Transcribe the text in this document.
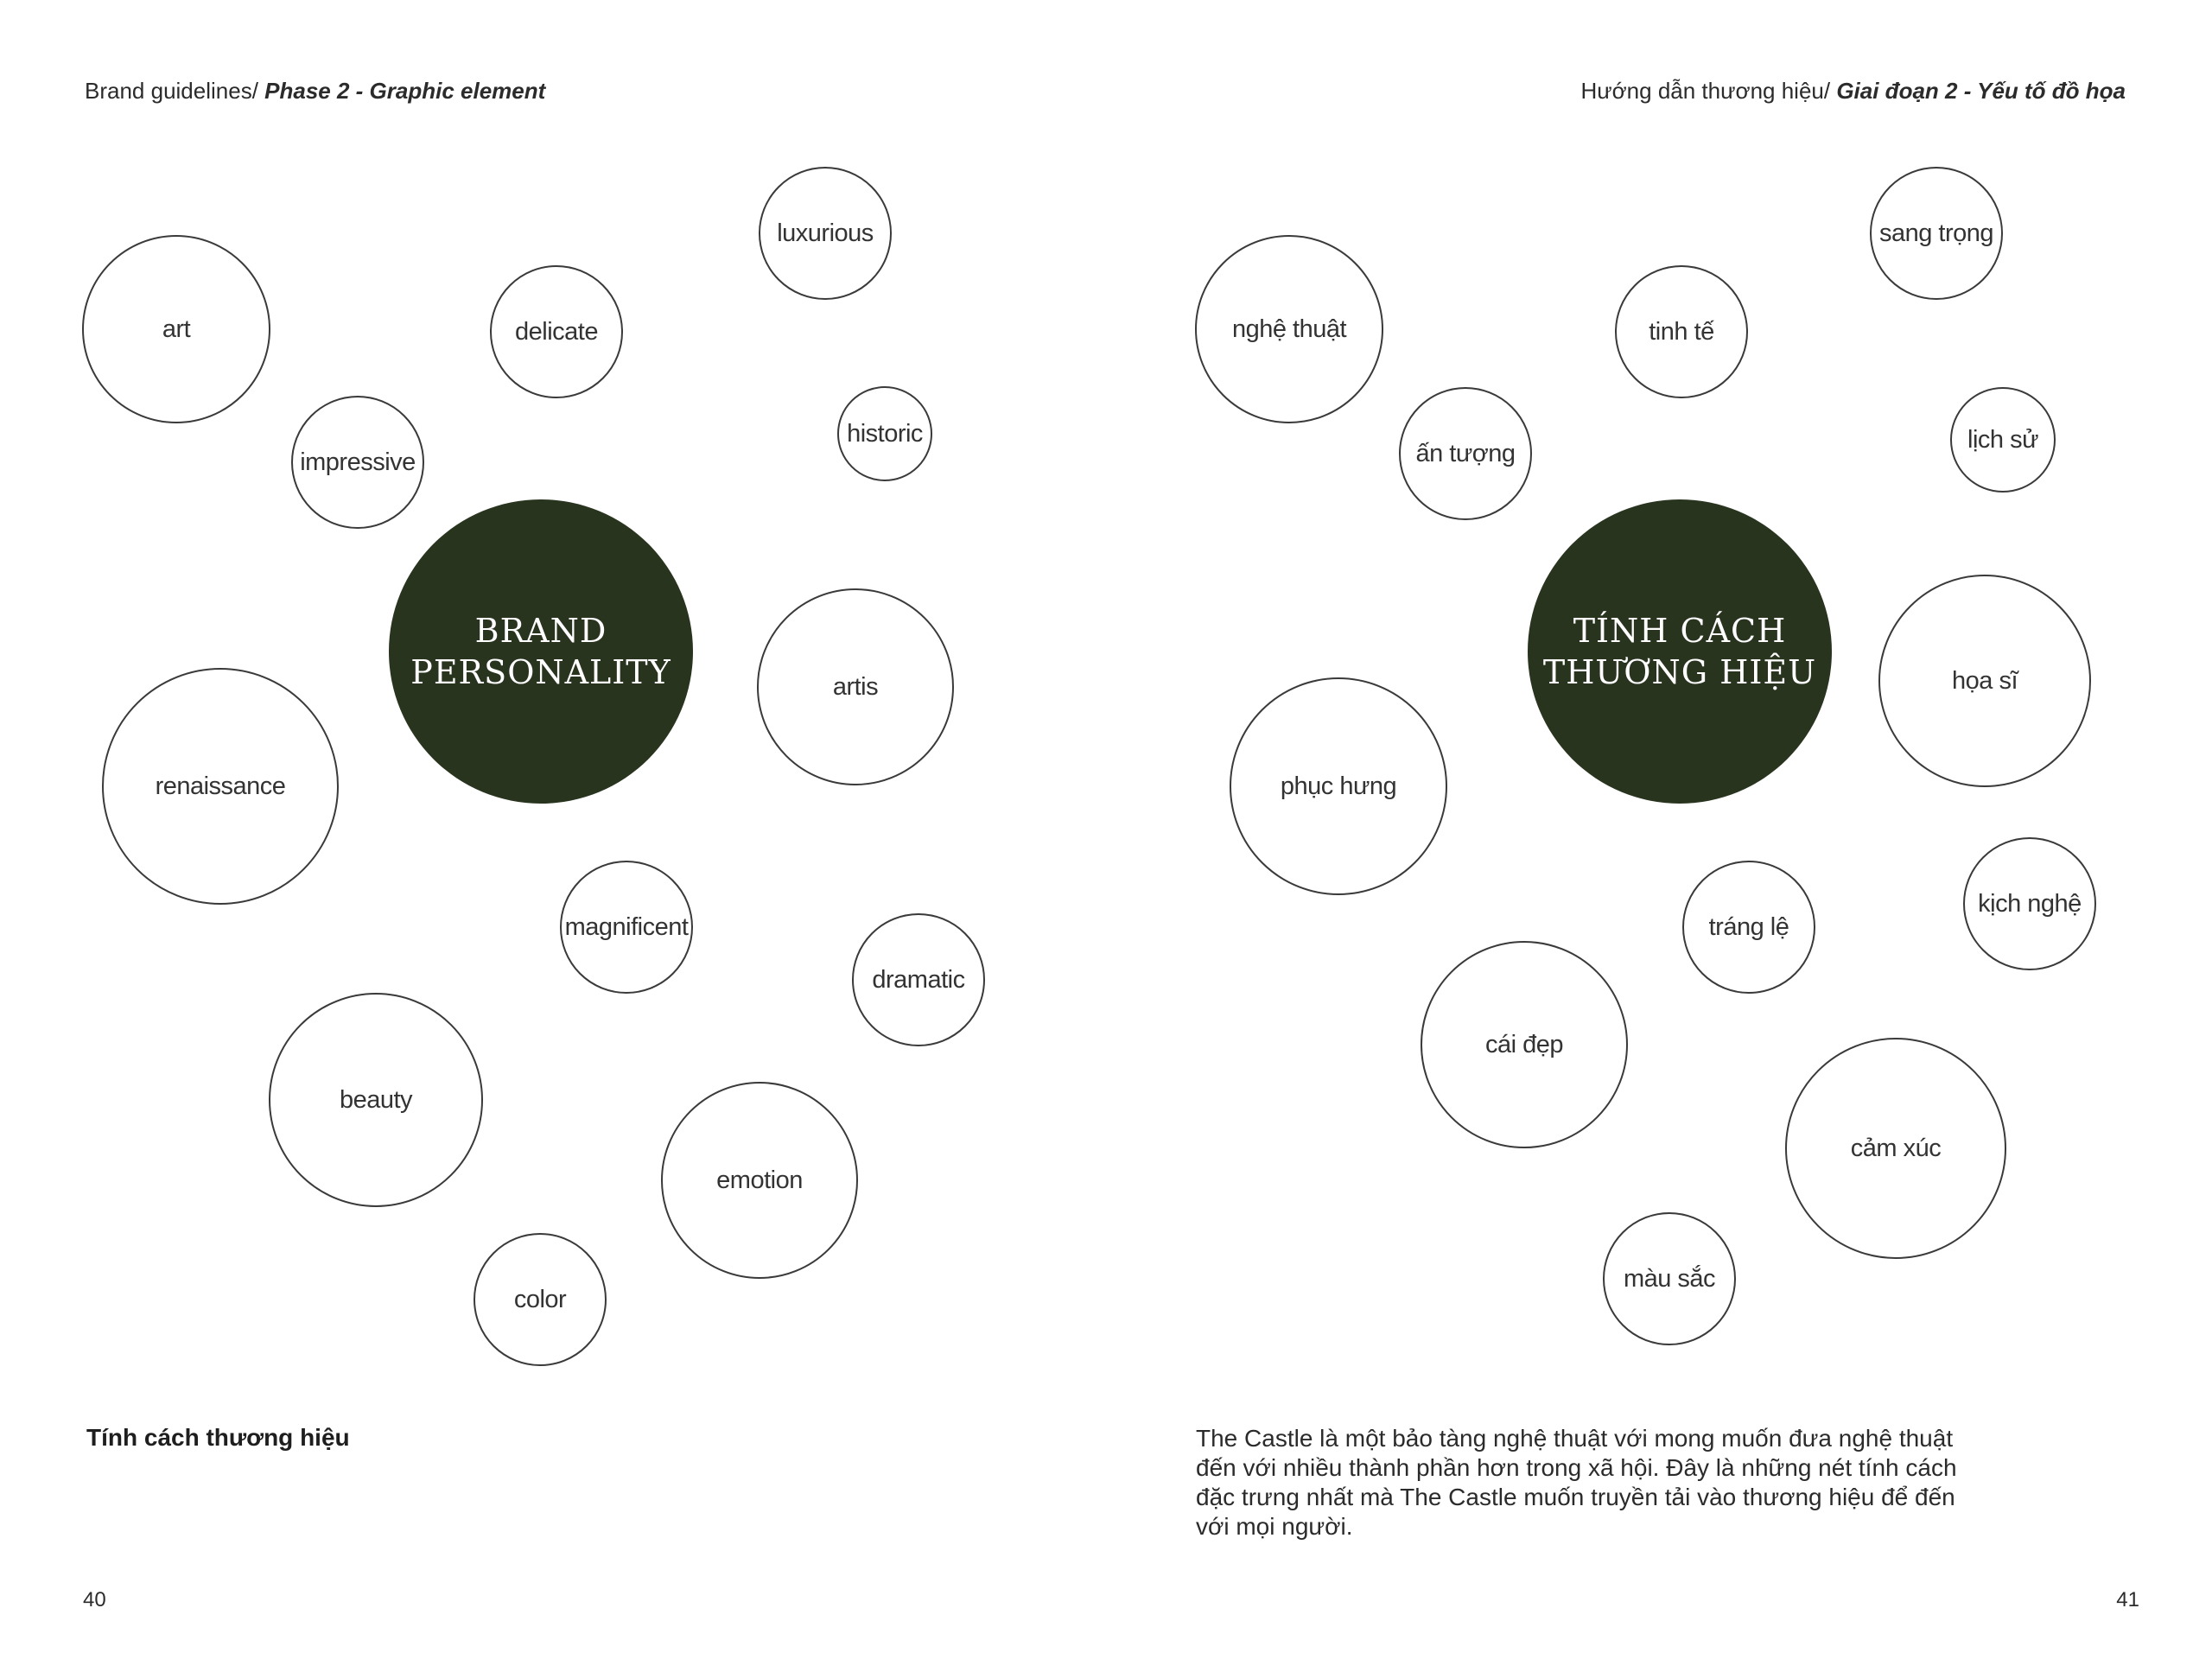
Brand guidelines/ Phase 2 - Graphic element
BRAND
PERSONALITY
luxurious
art	delicate
impressive
historic
artis
renaissance
magnificent
dramatic
beauty
emotion
color
Tính cách thương hiệu
40
Hướng dẫn thương hiệu/ Giai đoạn 2 - Yếu tố đồ họa
TÍNH CÁCH
THƯƠNG HIỆU
sang trọng
nghệ thuật	tinh tế
ấn tượng	lịch sử
họa sĩ
phục hưng
kịch nghệ
tráng lệ
cái đẹp
cảm xúc
màu sắc
The Castle là một bảo tàng nghệ thuật với mong muốn đưa nghệ thuật
đến với nhiều thành phần hơn trong xã hội. Đây là những nét tính cách
đặc trưng nhất mà The Castle muốn truyền tải vào thương hiệu để đến
với mọi người.
41
